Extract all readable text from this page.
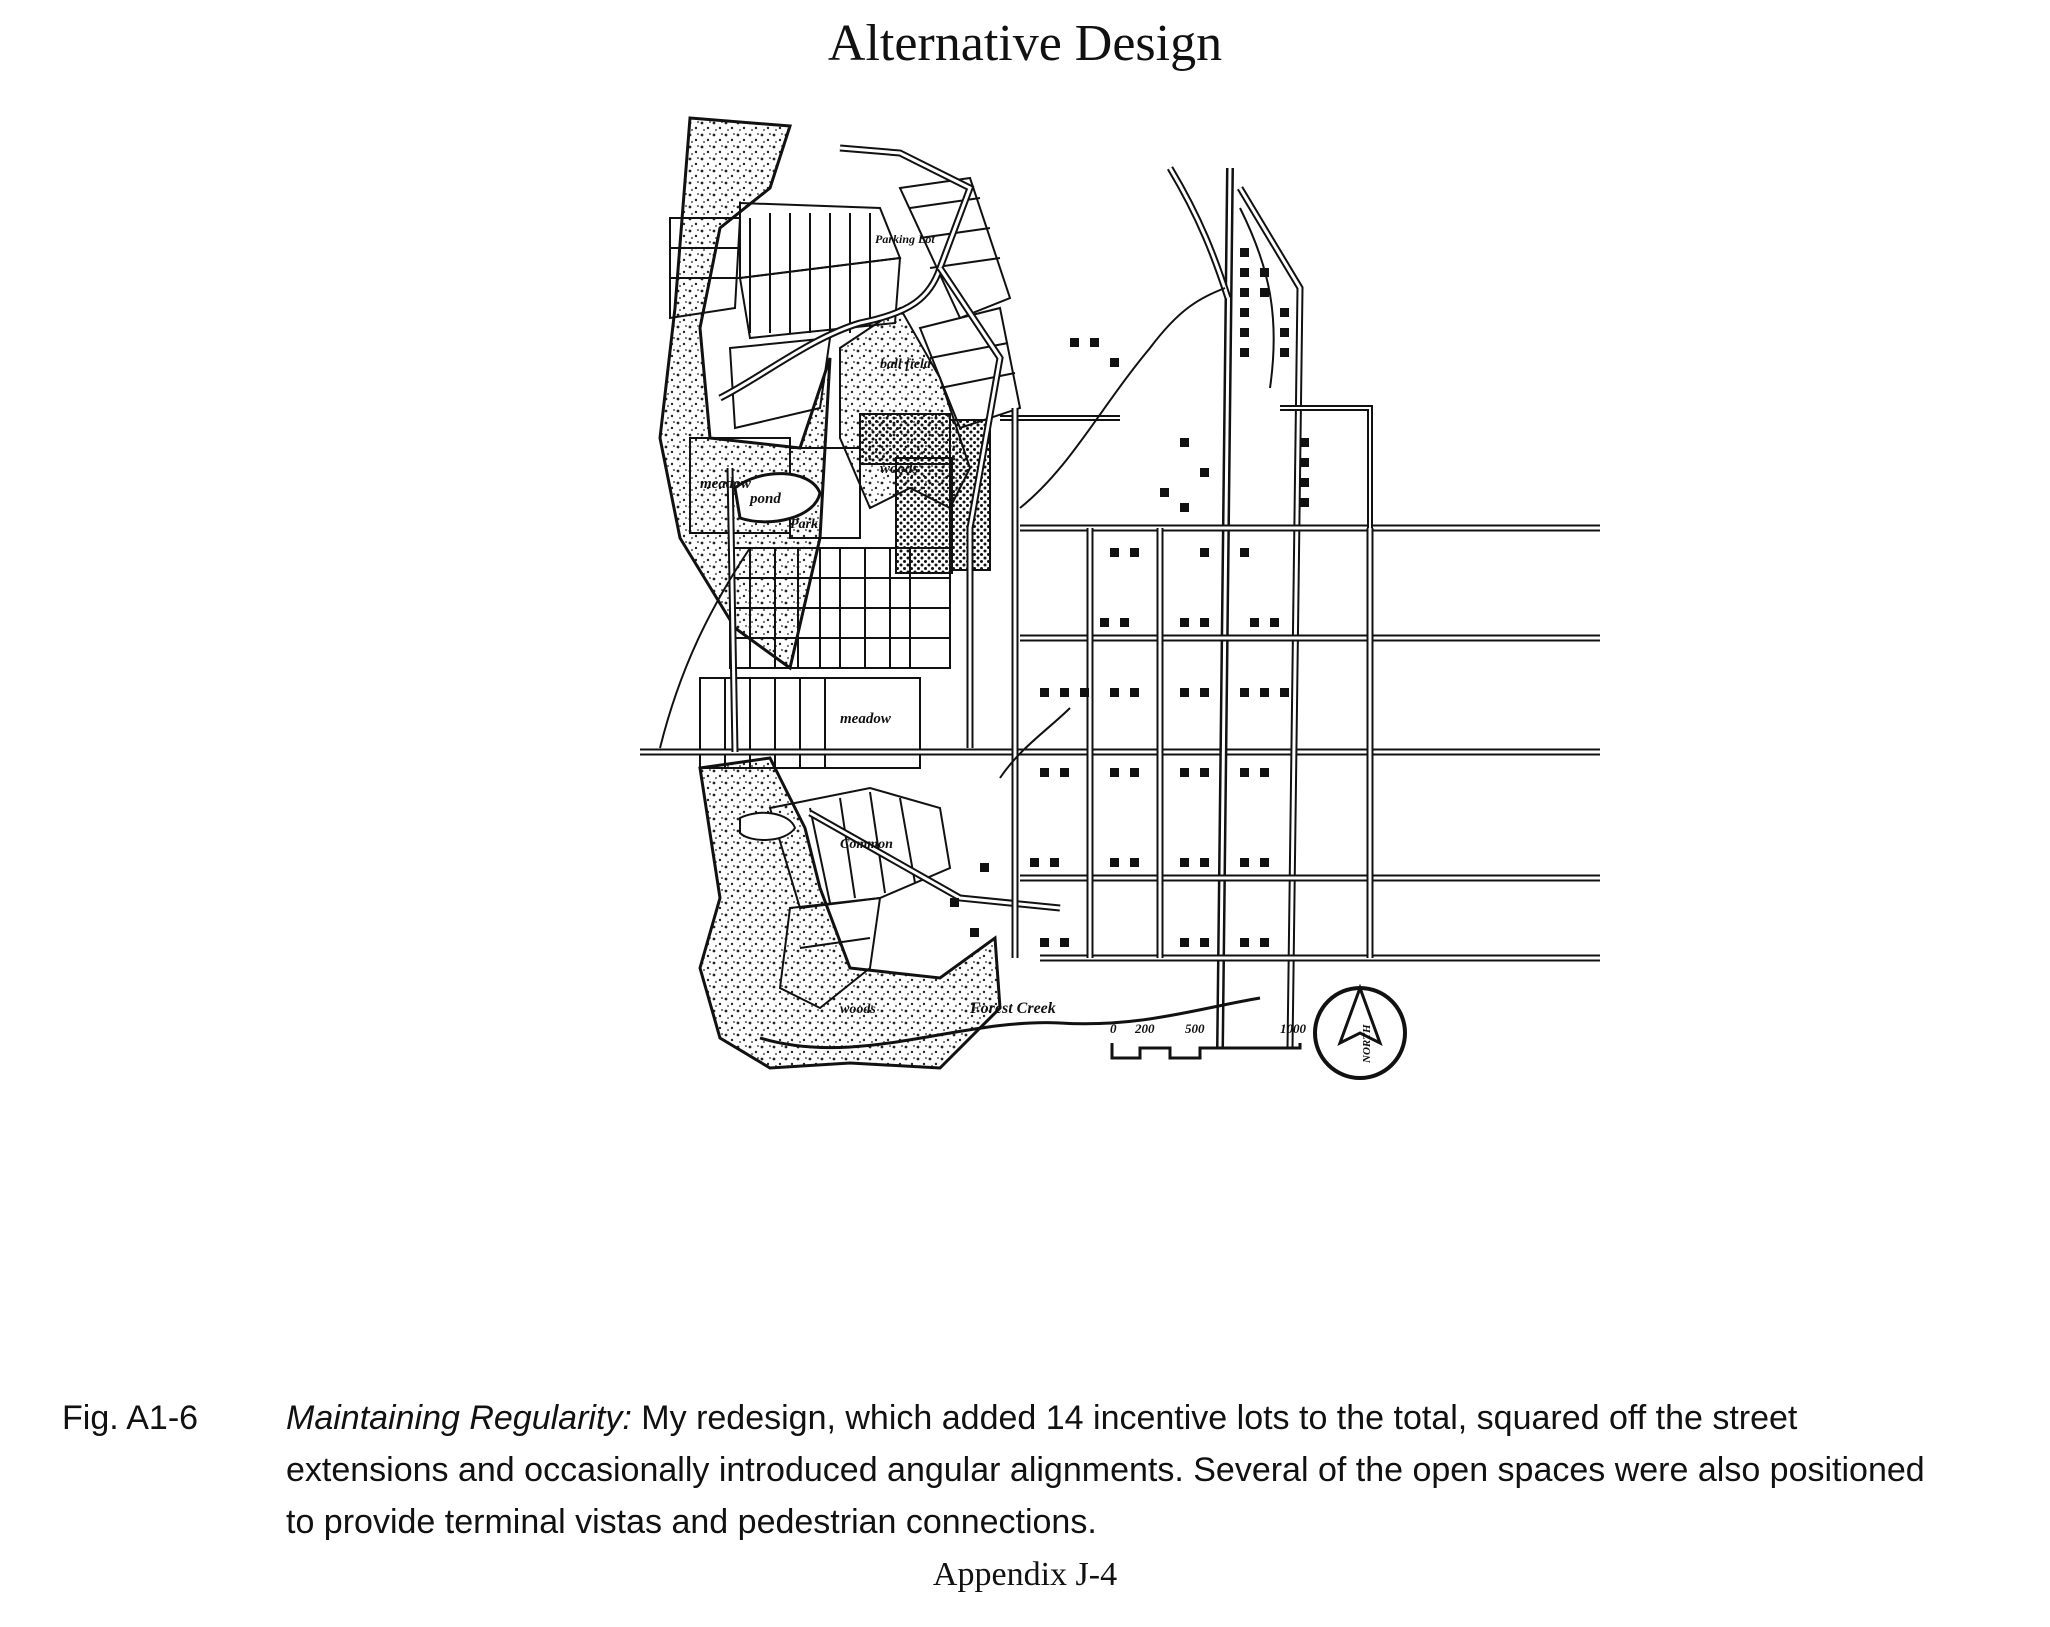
Alternative Design
meadow
woods
Park
pond
ball field
Parking Lot
meadow
Common
woods	Forest Creek
0 200 500	1000	NORTH
Fig. A1-6	Maintaining Regularity: My redesign, which added 14 incentive lots to the total, squared off the street extensions and occasionally introduced angular alignments. Several of the open spaces were also positioned to provide terminal vistas and pedestrian connections.
Appendix J-4
